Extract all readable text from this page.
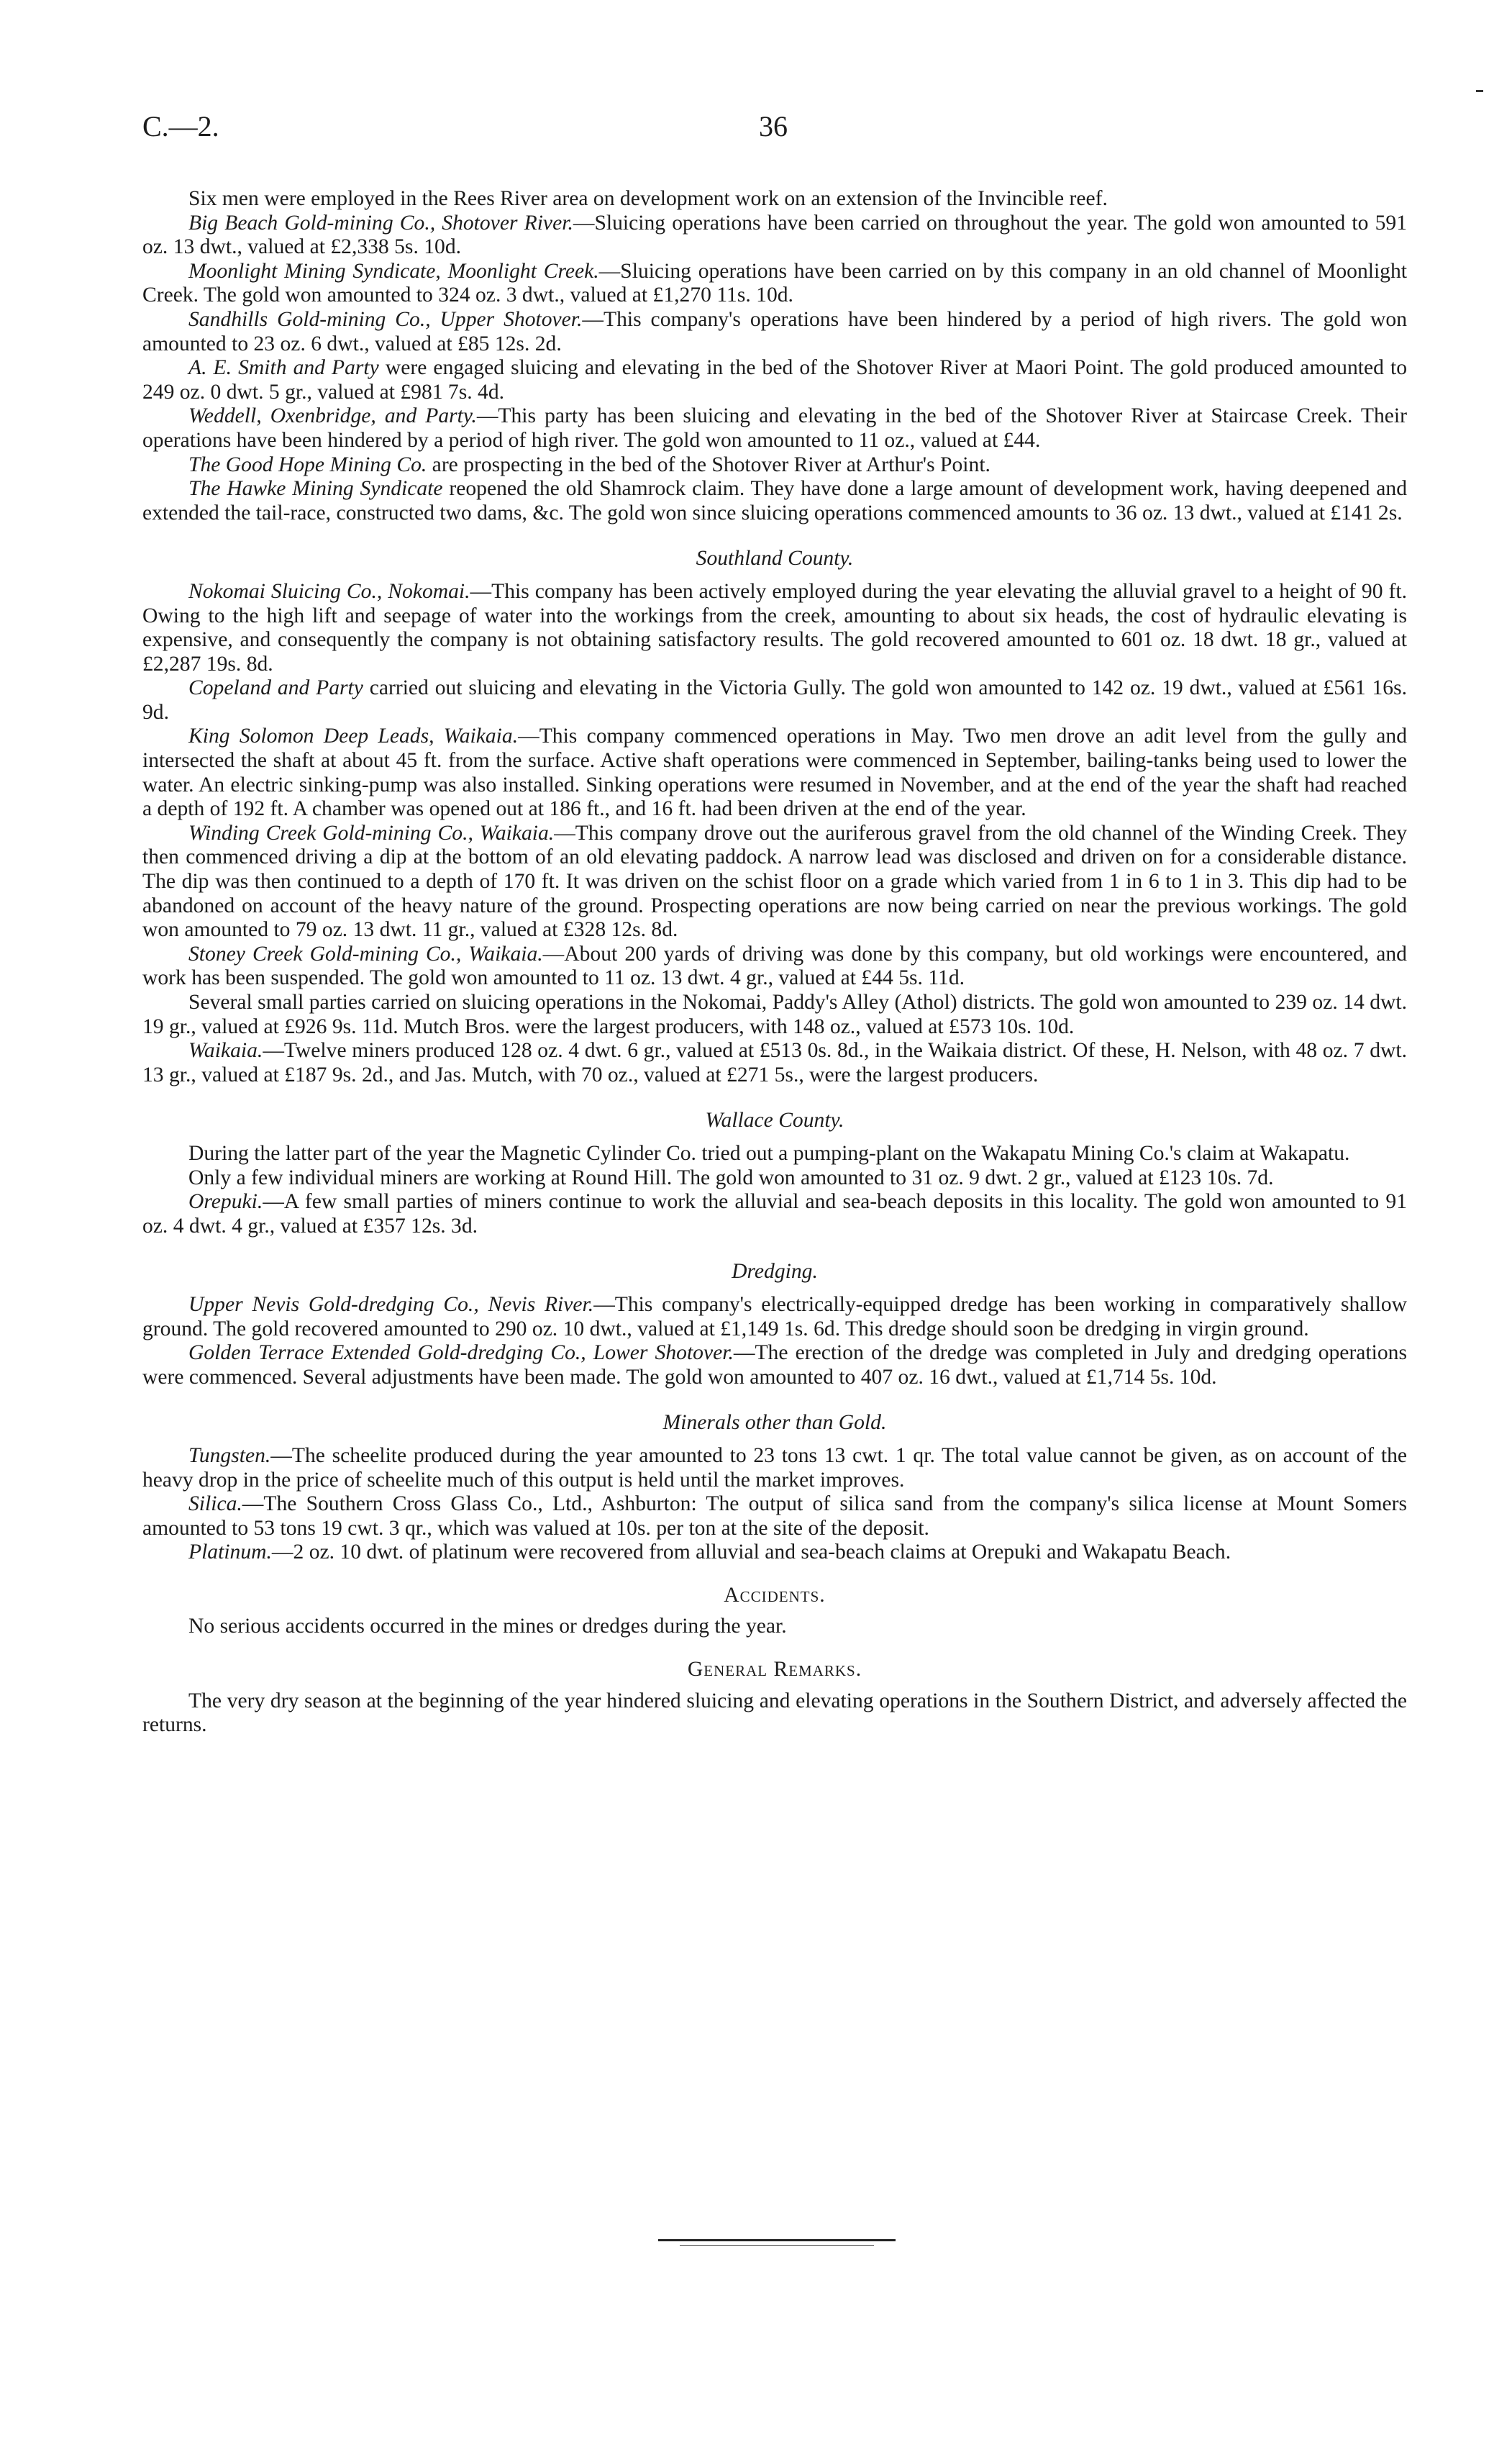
C.—2.	36

Six men were employed in the Rees River area on development work on an extension of the Invincible reef.

Big Beach Gold-mining Co., Shotover River.—Sluicing operations have been carried on throughout the year. The gold won amounted to 591 oz. 13 dwt., valued at £2,338 5s. 10d.

Moonlight Mining Syndicate, Moonlight Creek.—Sluicing operations have been carried on by this company in an old channel of Moonlight Creek. The gold won amounted to 324 oz. 3 dwt., valued at £1,270 11s. 10d.

Sandhills Gold-mining Co., Upper Shotover.—This company's operations have been hindered by a period of high rivers. The gold won amounted to 23 oz. 6 dwt., valued at £85 12s. 2d.

A. E. Smith and Party were engaged sluicing and elevating in the bed of the Shotover River at Maori Point. The gold produced amounted to 249 oz. 0 dwt. 5 gr., valued at £981 7s. 4d.

Weddell, Oxenbridge, and Party.—This party has been sluicing and elevating in the bed of the Shotover River at Staircase Creek. Their operations have been hindered by a period of high river. The gold won amounted to 11 oz., valued at £44.

The Good Hope Mining Co. are prospecting in the bed of the Shotover River at Arthur's Point.

The Hawke Mining Syndicate reopened the old Shamrock claim. They have done a large amount of development work, having deepened and extended the tail-race, constructed two dams, &c. The gold won since sluicing operations commenced amounts to 36 oz. 13 dwt., valued at £141 2s.

Southland County.

Nokomai Sluicing Co., Nokomai.—This company has been actively employed during the year elevating the alluvial gravel to a height of 90 ft. Owing to the high lift and seepage of water into the workings from the creek, amounting to about six heads, the cost of hydraulic elevating is expensive, and consequently the company is not obtaining satisfactory results. The gold recovered amounted to 601 oz. 18 dwt. 18 gr., valued at £2,287 19s. 8d.

Copeland and Party carried out sluicing and elevating in the Victoria Gully. The gold won amounted to 142 oz. 19 dwt., valued at £561 16s. 9d.

King Solomon Deep Leads, Waikaia.—This company commenced operations in May. Two men drove an adit level from the gully and intersected the shaft at about 45 ft. from the surface. Active shaft operations were commenced in September, bailing-tanks being used to lower the water. An electric sinking-pump was also installed. Sinking operations were resumed in November, and at the end of the year the shaft had reached a depth of 192 ft. A chamber was opened out at 186 ft., and 16 ft. had been driven at the end of the year.

Winding Creek Gold-mining Co., Waikaia.—This company drove out the auriferous gravel from the old channel of the Winding Creek. They then commenced driving a dip at the bottom of an old elevating paddock. A narrow lead was disclosed and driven on for a considerable distance. The dip was then continued to a depth of 170 ft. It was driven on the schist floor on a grade which varied from 1 in 6 to 1 in 3. This dip had to be abandoned on account of the heavy nature of the ground. Prospecting operations are now being carried on near the previous workings. The gold won amounted to 79 oz. 13 dwt. 11 gr., valued at £328 12s. 8d.

Stoney Creek Gold-mining Co., Waikaia.—About 200 yards of driving was done by this company, but old workings were encountered, and work has been suspended. The gold won amounted to 11 oz. 13 dwt. 4 gr., valued at £44 5s. 11d.

Several small parties carried on sluicing operations in the Nokomai, Paddy's Alley (Athol) districts. The gold won amounted to 239 oz. 14 dwt. 19 gr., valued at £926 9s. 11d. Mutch Bros. were the largest producers, with 148 oz., valued at £573 10s. 10d.

Waikaia.—Twelve miners produced 128 oz. 4 dwt. 6 gr., valued at £513 0s. 8d., in the Waikaia district. Of these, H. Nelson, with 48 oz. 7 dwt. 13 gr., valued at £187 9s. 2d., and Jas. Mutch, with 70 oz., valued at £271 5s., were the largest producers.

Wallace County.

During the latter part of the year the Magnetic Cylinder Co. tried out a pumping-plant on the Wakapatu Mining Co.'s claim at Wakapatu.

Only a few individual miners are working at Round Hill. The gold won amounted to 31 oz. 9 dwt. 2 gr., valued at £123 10s. 7d.

Orepuki.—A few small parties of miners continue to work the alluvial and sea-beach deposits in this locality. The gold won amounted to 91 oz. 4 dwt. 4 gr., valued at £357 12s. 3d.

Dredging.

Upper Nevis Gold-dredging Co., Nevis River.—This company's electrically-equipped dredge has been working in comparatively shallow ground. The gold recovered amounted to 290 oz. 10 dwt., valued at £1,149 1s. 6d. This dredge should soon be dredging in virgin ground.

Golden Terrace Extended Gold-dredging Co., Lower Shotover.—The erection of the dredge was completed in July and dredging operations were commenced. Several adjustments have been made. The gold won amounted to 407 oz. 16 dwt., valued at £1,714 5s. 10d.

Minerals other than Gold.

Tungsten.—The scheelite produced during the year amounted to 23 tons 13 cwt. 1 qr. The total value cannot be given, as on account of the heavy drop in the price of scheelite much of this output is held until the market improves.

Silica.—The Southern Cross Glass Co., Ltd., Ashburton: The output of silica sand from the company's silica license at Mount Somers amounted to 53 tons 19 cwt. 3 qr., which was valued at 10s. per ton at the site of the deposit.

Platinum.—2 oz. 10 dwt. of platinum were recovered from alluvial and sea-beach claims at Orepuki and Wakapatu Beach.

Accidents.

No serious accidents occurred in the mines or dredges during the year.

General Remarks.

The very dry season at the beginning of the year hindered sluicing and elevating operations in the Southern District, and adversely affected the returns.
